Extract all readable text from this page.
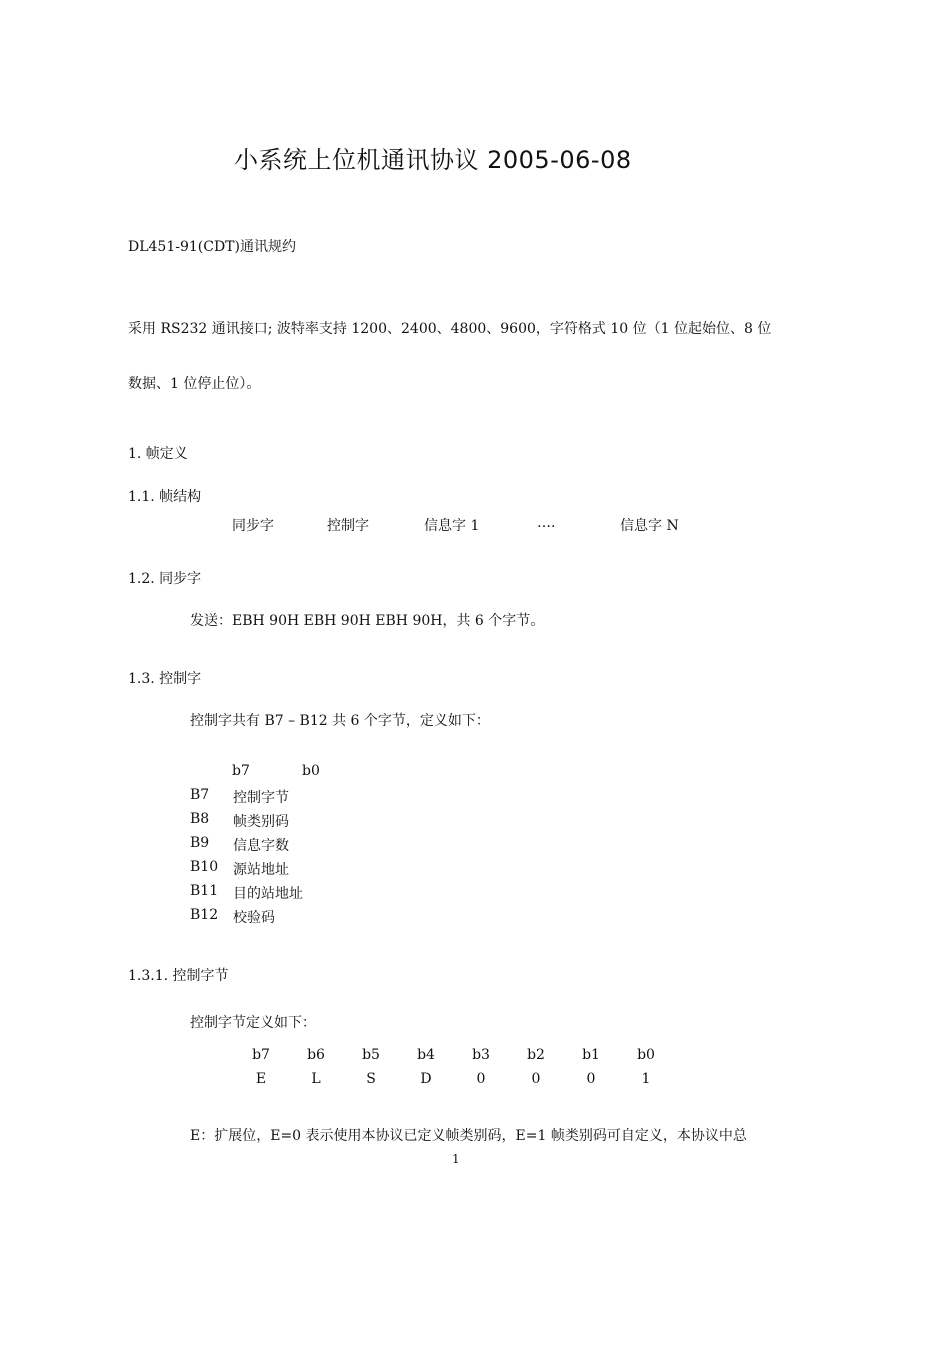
小系统上位机通讯协议 2005-06-08
DL451-91(CDT)通讯规约
采用 RS232 通讯接口; 波特率支持 1200、2400、4800、9600，字符格式 10 位（1 位起始位、8 位
数据、1 位停止位）。
1. 帧定义
1.1. 帧结构
同步字	控制字	信息字 1	….	信息字 N
1.2. 同步字
发送：EBH 90H EBH 90H EBH 90H，共 6 个字节。
1.3. 控制字
控制字共有 B7 – B12 共 6 个字节，定义如下：
b7	b0
B7 控制字节
B8 帧类别码
B9 信息字数
B10 源站地址
B11 目的站地址
B12 校验码
1.3.1. 控制字节
控制字节定义如下：
b7	b6	b5	b4	b3	b2	b1	b0
E	L	S	D	0	0	0	1
E：扩展位，E=0 表示使用本协议已定义帧类别码，E=1 帧类别码可自定义，本协议中总
1
